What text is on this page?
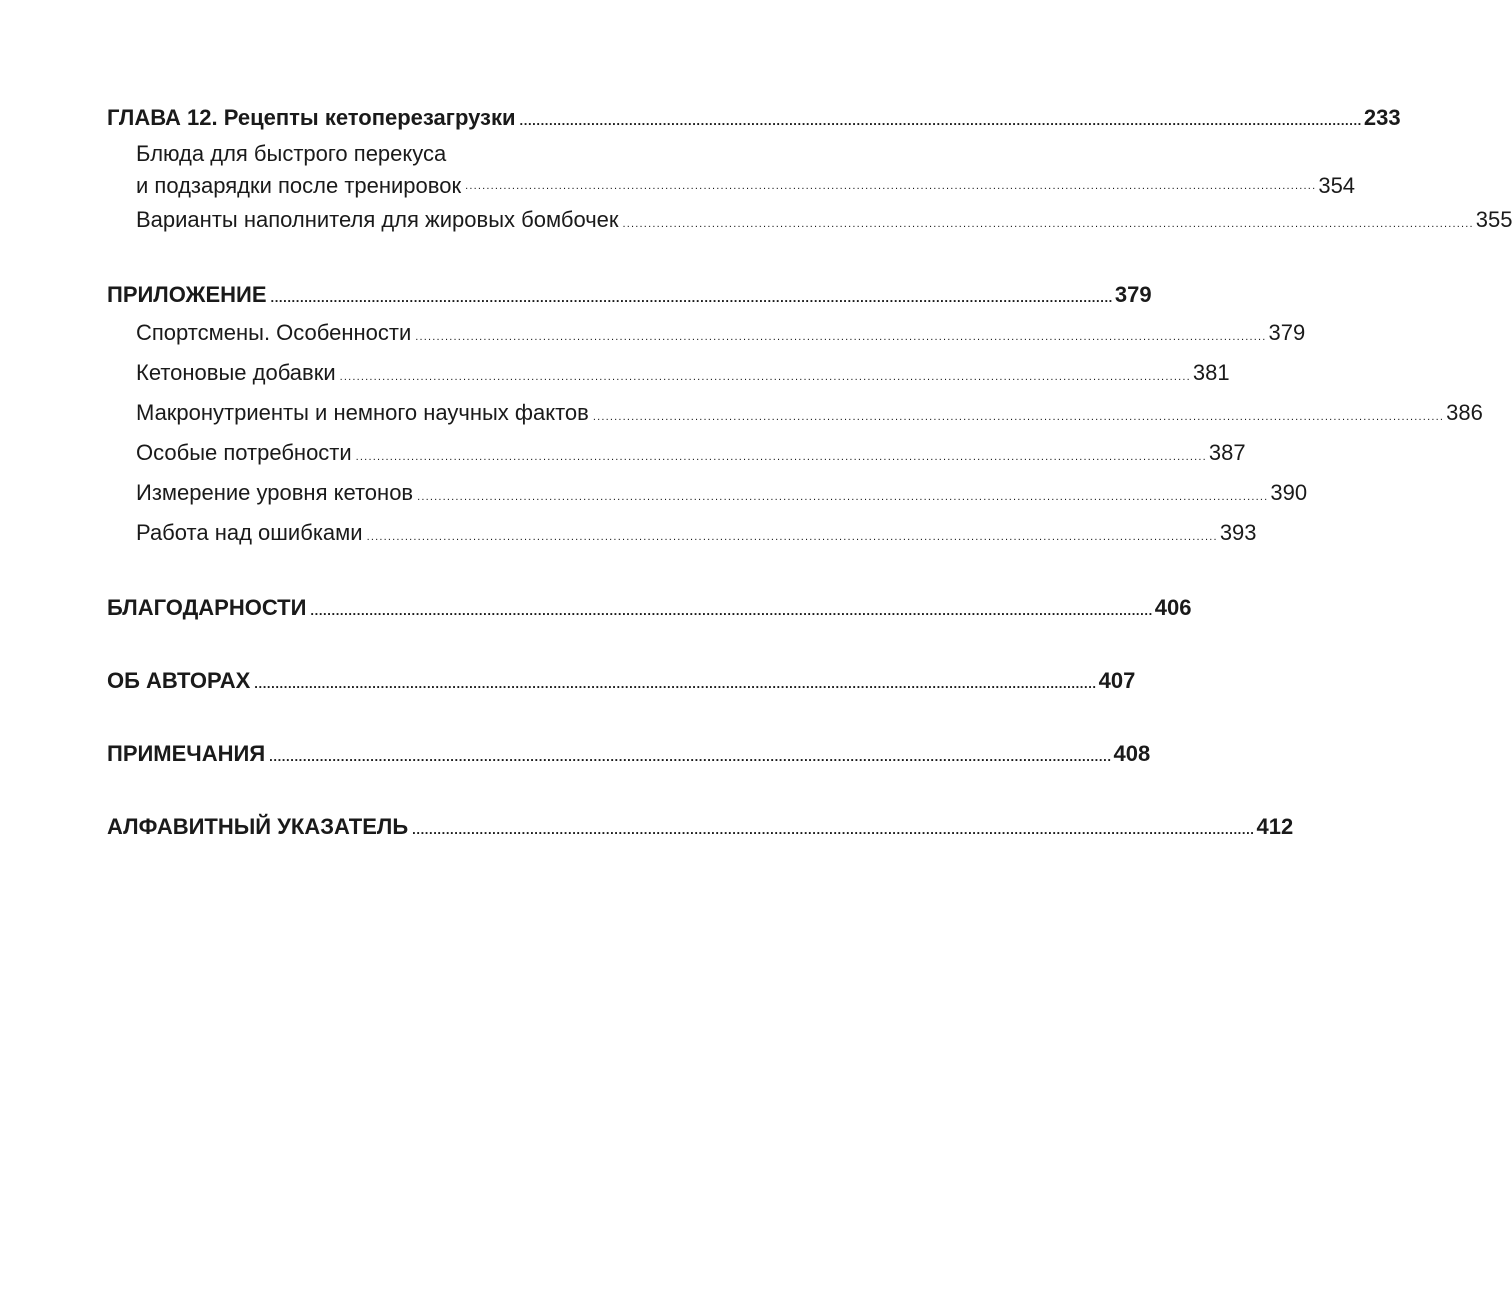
ГЛАВА 12. Рецепты кетоперезагрузки ........................................................................................................................................................................................................ 233
Блюда для быстрого перекуса
и подзарядки после тренировок ........................................................................................................................................................................................................ 354
Варианты наполнителя для жировых бомбочек ........................................................................................................................................................................................................ 355
ПРИЛОЖЕНИЕ ........................................................................................................................................................................................................ 379
Спортсмены. Особенности ........................................................................................................................................................................................................ 379
Кетоновые добавки ........................................................................................................................................................................................................ 381
Макронутриенты и немного научных фактов ........................................................................................................................................................................................................ 386
Особые потребности ........................................................................................................................................................................................................ 387
Измерение уровня кетонов ........................................................................................................................................................................................................ 390
Работа над ошибками ........................................................................................................................................................................................................ 393
БЛАГОДАРНОСТИ ........................................................................................................................................................................................................ 406
ОБ АВТОРАХ ........................................................................................................................................................................................................ 407
ПРИМЕЧАНИЯ ........................................................................................................................................................................................................ 408
АЛФАВИТНЫЙ УКАЗАТЕЛЬ ........................................................................................................................................................................................................ 412
